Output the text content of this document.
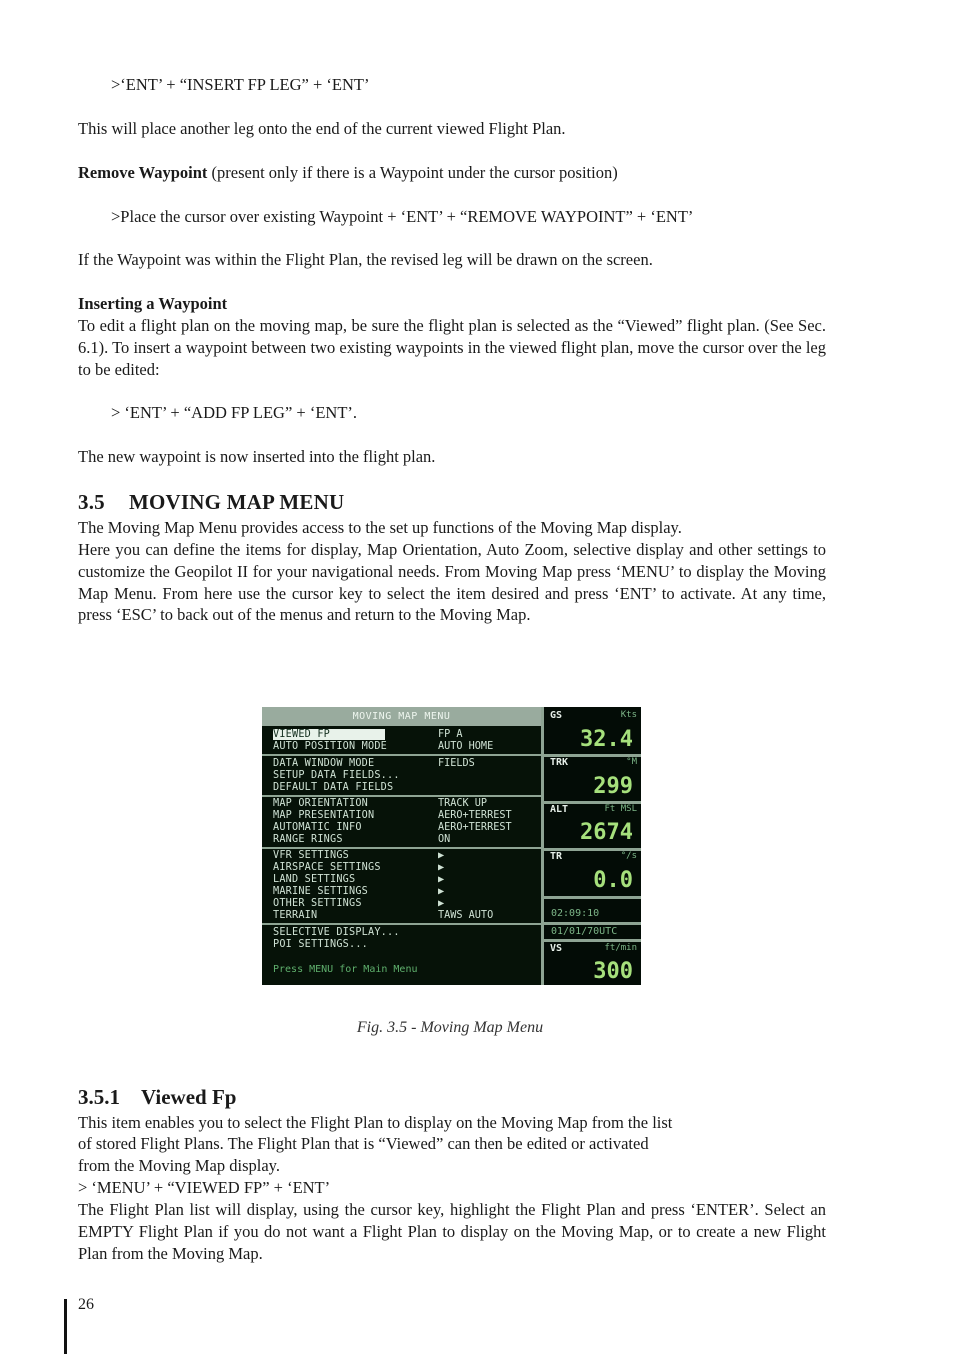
>‘ENT’ + “INSERT FP LEG” + ‘ENT’

This will place another leg onto the end of the current viewed Flight Plan.

Remove Waypoint (present only if there is a Waypoint under the cursor position)

>Place the cursor over existing Waypoint + ‘ENT’ + “REMOVE WAYPOINT” + ‘ENT’

If the Waypoint was within the Flight Plan, the revised leg will be drawn on the screen.

Inserting a Waypoint

To edit a flight plan on the moving map, be sure the flight plan is selected as the “Viewed” flight plan. (See Sec. 6.1). To insert a waypoint between two existing waypoints in the viewed flight plan, move the cursor over the leg to be edited:

> ‘ENT’ + “ADD FP LEG” + ‘ENT’.

The new waypoint is now inserted into the flight plan.

3.5 MOVING MAP MENU

The Moving Map Menu provides access to the set up functions of the Moving Map display.

Here you can define the items for display, Map Orientation, Auto Zoom, selective display and other settings to customize the Geopilot II for your navigational needs. From Moving Map press ‘MENU’ to display the Moving Map Menu. From here use the cursor key to select the item desired and press ‘ENT’ to activate. At any time, press ‘ESC’ to back out of the menus and return to the Moving Map.

MOVING MAP MENU
VIEWED FP	FP A
AUTO POSITION MODE	AUTO HOME
DATA WINDOW MODE	FIELDS
SETUP DATA FIELDS...
DEFAULT DATA FIELDS
MAP ORIENTATION	TRACK UP
MAP PRESENTATION	AERO+TERREST
AUTOMATIC INFO	AERO+TERREST
RANGE RINGS	ON
VFR SETTINGS	▶
AIRSPACE SETTINGS	▶
LAND SETTINGS	▶
MARINE SETTINGS	▶
OTHER SETTINGS	▶
TERRAIN	TAWS AUTO
SELECTIVE DISPLAY...
POI SETTINGS...
Press MENU for Main Menu
GS	Kts
32.4
TRK	°M
299
ALT	Ft MSL
2674
TR	°/s
0.0
02:09:10
01/01/70UTC
VS	ft/min
300
Fig. 3.5 - Moving Map Menu
3.5.1 Viewed Fp

This item enables you to select the Flight Plan to display on the Moving Map from the list

of stored Flight Plans. The Flight Plan that is “Viewed” can then be edited or activated

from the Moving Map display.

> ‘MENU’ + “VIEWED FP” + ‘ENT’

The Flight Plan list will display, using the cursor key, highlight the Flight Plan and press ‘ENTER’. Select an EMPTY Flight Plan if you do not want a Flight Plan to display on the Moving Map, or to create a new Flight Plan from the Moving Map.

26
